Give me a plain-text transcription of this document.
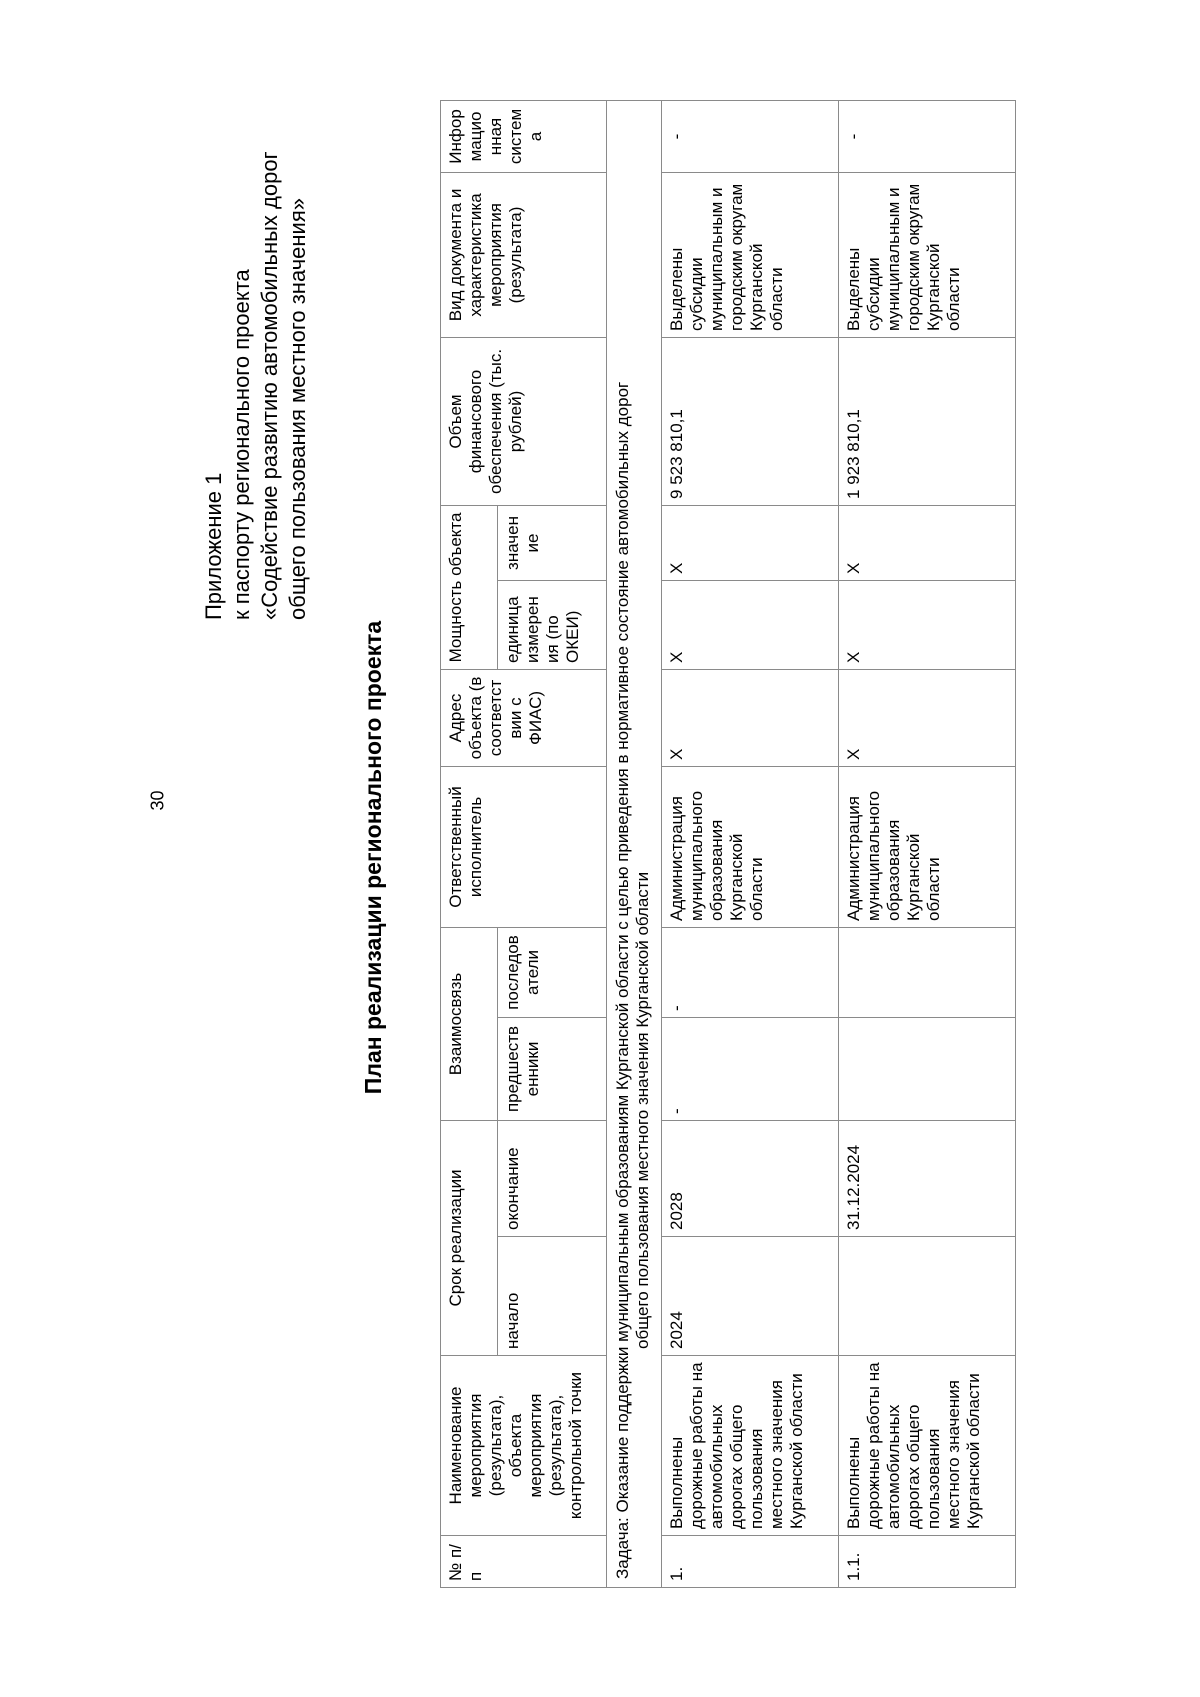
30
Приложение 1 к паспорту регионального проекта «Содействие развитию автомобильных дорог общего пользования местного значения»
План реализации регионального проекта
№ п/п	Наименование мероприятия (результата), объекта мероприятия (результата), контрольной точки	Срок реализации		Взаимосвязь		Ответственный исполнитель	Адрес объекта (в соответствии с ФИАС)	Мощность объекта		Объем финансового обеспечения (тыс. рублей)	Вид документа и характеристика мероприятия (результата)	Информационная система
		начало	окончание	предшественники	последователи			единица измерения (по ОКЕИ)	значение			

Задача: Оказание поддержки муниципальным образованиям Курганской области с целью приведения в нормативное состояние автомобильных дорог общего пользования местного значения Курганской области												

1.	Выполнены дорожные работы на автомобильных дорогах общего пользования местного значения Курганской области	2024	2028	-	-	Администрация муниципального образования Курганской области	X	X	X	9 523 810,1	Выделены субсидии муниципальным и городским округам Курганской области	-
1.1.	Выполнены дорожные работы на автомобильных дорогах общего пользования местного значения Курганской области		31.12.2024			Администрация муниципального образования Курганской области	X	X	X	1 923 810,1	Выделены субсидии муниципальным и городским округам Курганской области	-
